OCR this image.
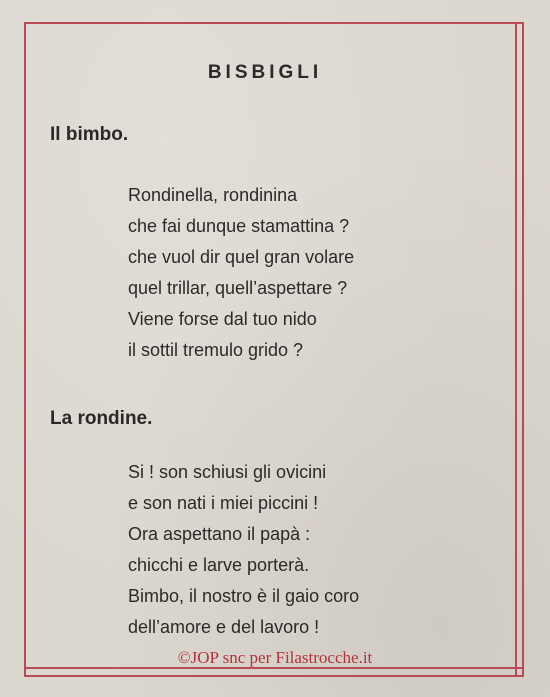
BISBIGLI
Il bimbo.
Rondinella, rondinina
che fai dunque stamattina ?
che vuol dir quel gran volare
quel trillar, quell’aspettare ?
Viene forse dal tuo nido
il sottil tremulo grido ?
La rondine.
Si ! son schiusi gli ovicini
e son nati i miei piccini !
Ora aspettano il papà :
chicchi e larve porterà.
Bimbo, il nostro è il gaio coro
dell’amore e del lavoro !
©JOP snc per Filastrocche.it
